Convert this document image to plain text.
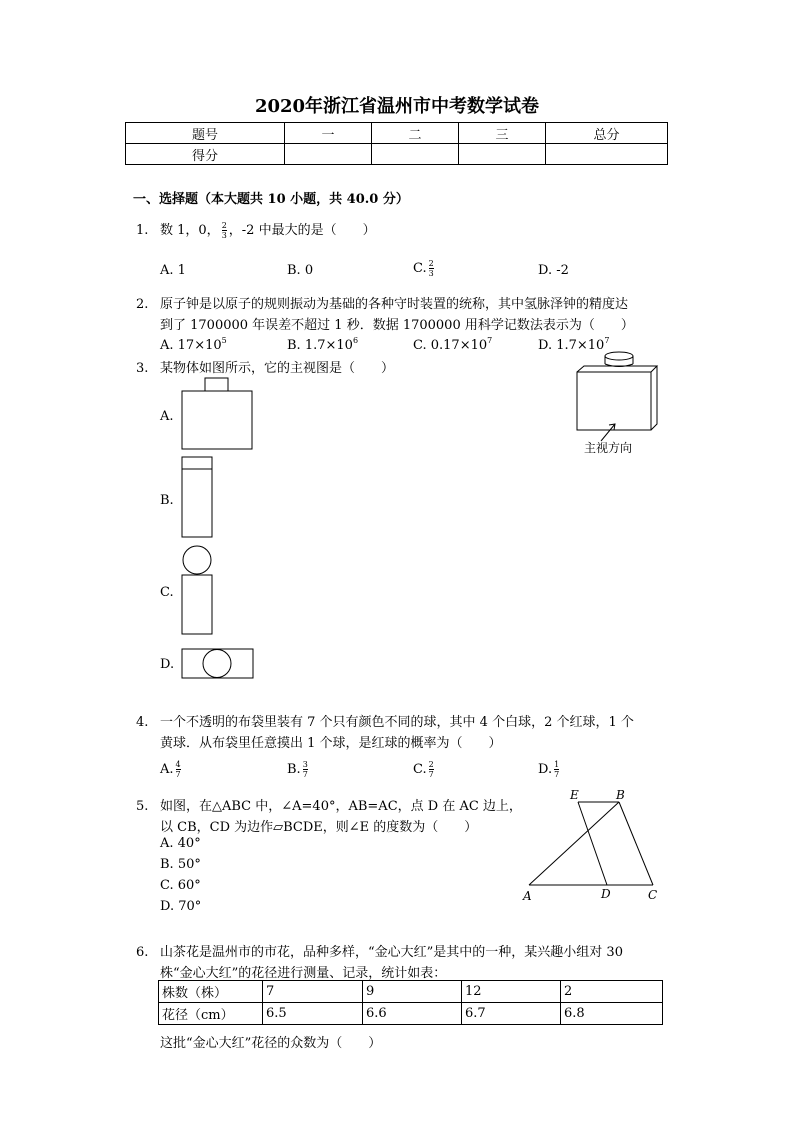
2020年浙江省温州市中考数学试卷
题号	一	二	三	总分
得分				
一、选择题（本大题共 10 小题，共 40.0 分）
1. 数 1，0， $\frac{2}{3}$ ，-2 中最大的是（　　）
A. 1	B. 0	C. $\frac{2}{3}$	D. -2
2. 原子钟是以原子的规则振动为基础的各种守时装置的统称，其中氢脉泽钟的精度达
到了 1700000 年误差不超过 1 秒．数据 1700000 用科学记数法表示为（　　）
A. $17\times 10^5$	B. $1.7\times 10^6$	C. $0.17\times 10^7$	D. $1.7\times 10^7$
3. 某物体如图所示，它的主视图是（　　）
A.
B.
C.
D.
主视方向
4. 一个不透明的布袋里装有 7 个只有颜色不同的球，其中 4 个白球，2 个红球，1 个
黄球．从布袋里任意摸出 1 个球，是红球的概率为（　　）
A. $\frac{4}{7}$	B. $\frac{3}{7}$	C. $\frac{2}{7}$	D. $\frac{1}{7}$
5. 如图，在△ABC 中，∠A=40°，AB=AC，点 D 在 AC 边上，
以 CB，CD 为边作▱BCDE，则∠E 的度数为（　　）
A. 40°
B. 50°
C. 60°
D. 70°
E	B
A	D	C
6. 山茶花是温州市的市花，品种多样，“金心大红”是其中的一种，某兴趣小组对 30
株“金心大红”的花径进行测量、记录，统计如表：
株数（株）	7	9	12	2
花径（cm）	6.5	6.6	6.7	6.8
这批“金心大红”花径的众数为（　　）
